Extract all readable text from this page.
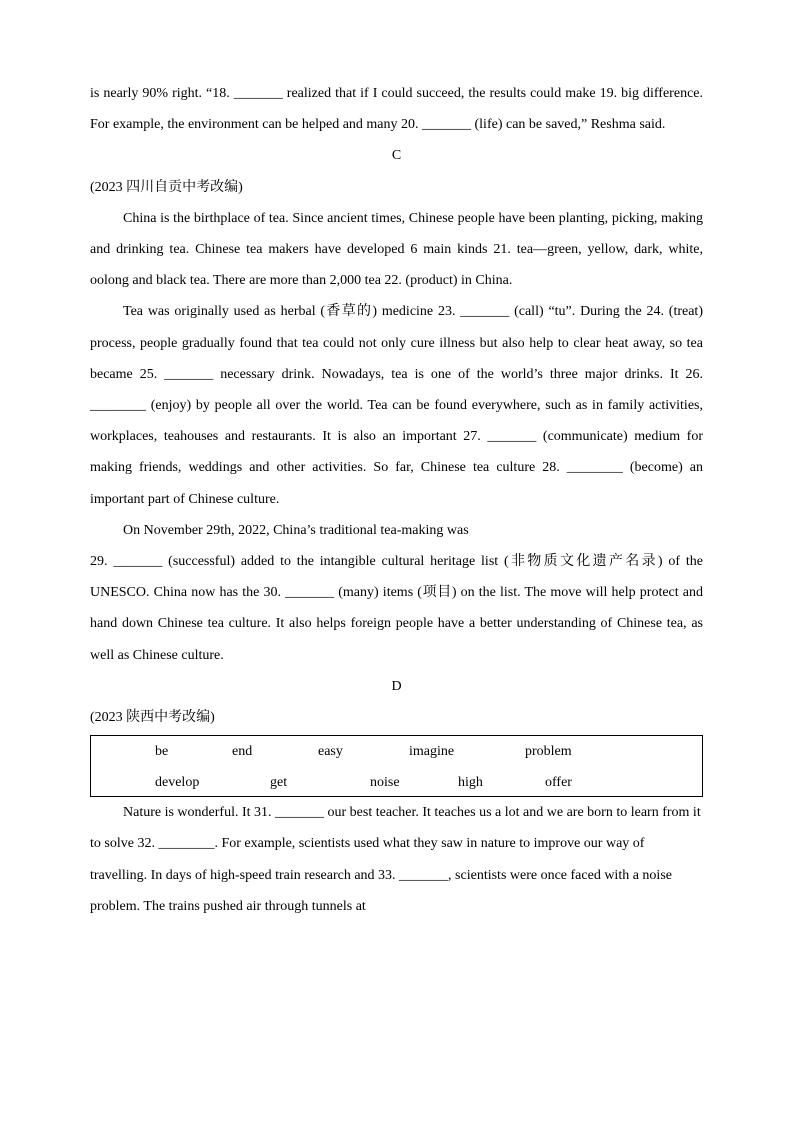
is nearly 90% right. “18. _______ realized that if I could succeed, the results could make 19. big difference. For example, the environment can be helped and many 20. _______ (life) can be saved,” Reshma said.

C

(2023 四川自贡中考改编)

China is the birthplace of tea. Since ancient times, Chinese people have been planting, picking, making and drinking tea. Chinese tea makers have developed 6 main kinds 21. tea—green, yellow, dark, white, oolong and black tea. There are more than 2,000 tea 22. (product) in China.

Tea was originally used as herbal (香草的) medicine 23. _______ (call) “tu”. During the 24. (treat) process, people gradually found that tea could not only cure illness but also help to clear heat away, so tea became 25. _______ necessary drink. Nowadays, tea is one of the world’s three major drinks. It 26. ________ (enjoy) by people all over the world. Tea can be found everywhere, such as in family activities, workplaces, teahouses and restaurants. It is also an important 27. _______ (communicate) medium for making friends, weddings and other activities. So far, Chinese tea culture 28. ________ (become) an important part of Chinese culture.

On November 29th, 2022, China’s traditional tea-making was

29. _______ (successful) added to the intangible cultural heritage list (非物质文化遗产名录) of the UNESCO. China now has the 30. _______ (many) items (项目) on the list. The move will help protect and hand down Chinese tea culture. It also helps foreign people have a better understanding of Chinese tea, as well as Chinese culture.

D

(2023 陕西中考改编)

be	end	easy	imagine	problem
develop	get	noise	high	offer

Nature is wonderful. It 31. _______ our best teacher. It teaches us a lot and we are born to learn from it to solve 32. ________. For example, scientists used what they saw in nature to improve our way of travelling. In days of high-speed train research and 33. _______, scientists were once faced with a noise problem. The trains pushed air through tunnels at
